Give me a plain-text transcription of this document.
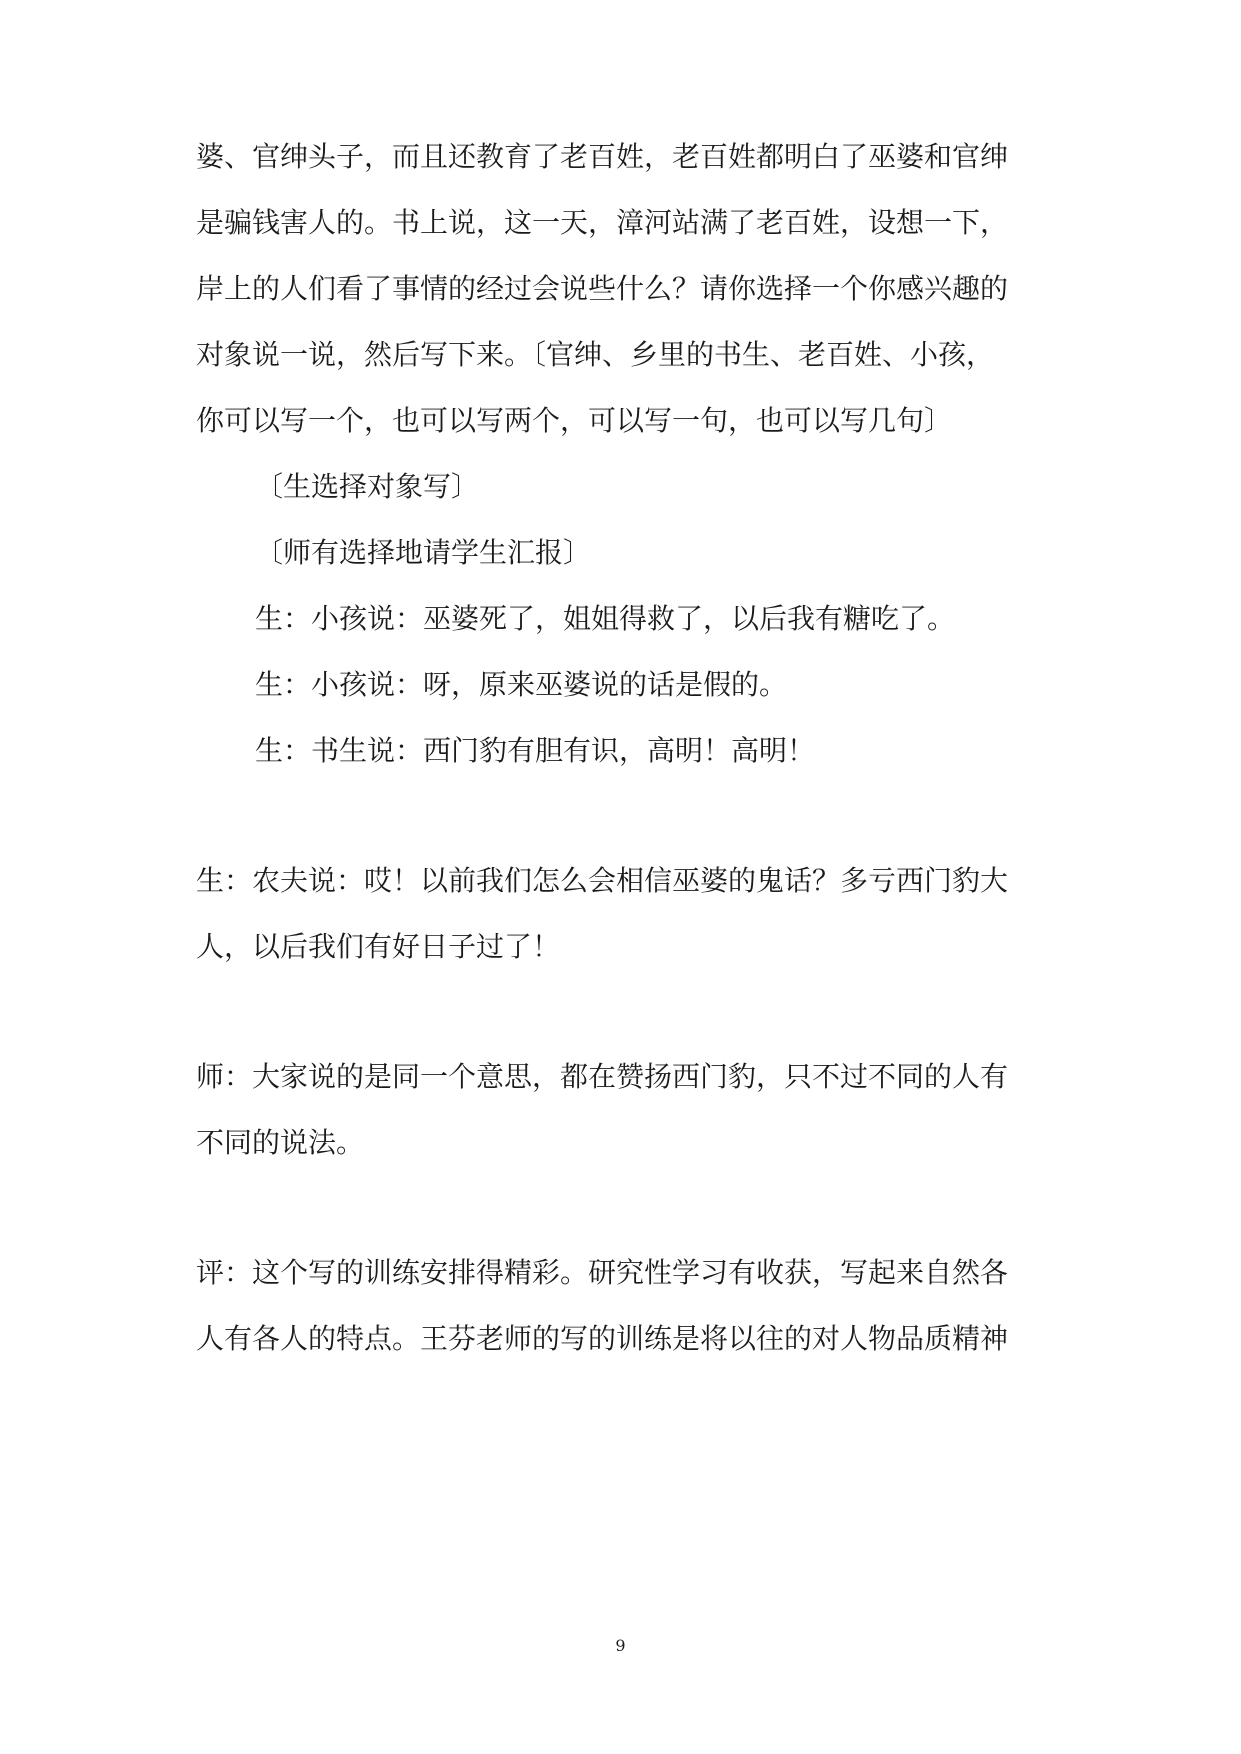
婆、官绅头子，而且还教育了老百姓，老百姓都明白了巫婆和官绅
是骗钱害人的。书上说，这一天，漳河站满了老百姓，设想一下，
岸上的人们看了事情的经过会说些什么？请你选择一个你感兴趣的
对象说一说，然后写下来。〔官绅、乡里的书生、老百姓、小孩，
你可以写一个，也可以写两个，可以写一句，也可以写几句〕
〔生选择对象写〕
〔师有选择地请学生汇报〕
生：小孩说：巫婆死了，姐姐得救了，以后我有糖吃了。
生：小孩说：呀，原来巫婆说的话是假的。
生：书生说：西门豹有胆有识，高明！高明！
生：农夫说：哎！以前我们怎么会相信巫婆的鬼话？多亏西门豹大
人，以后我们有好日子过了！
师：大家说的是同一个意思，都在赞扬西门豹，只不过不同的人有
不同的说法。
评：这个写的训练安排得精彩。研究性学习有收获，写起来自然各
人有各人的特点。王芬老师的写的训练是将以往的对人物品质精神
9
